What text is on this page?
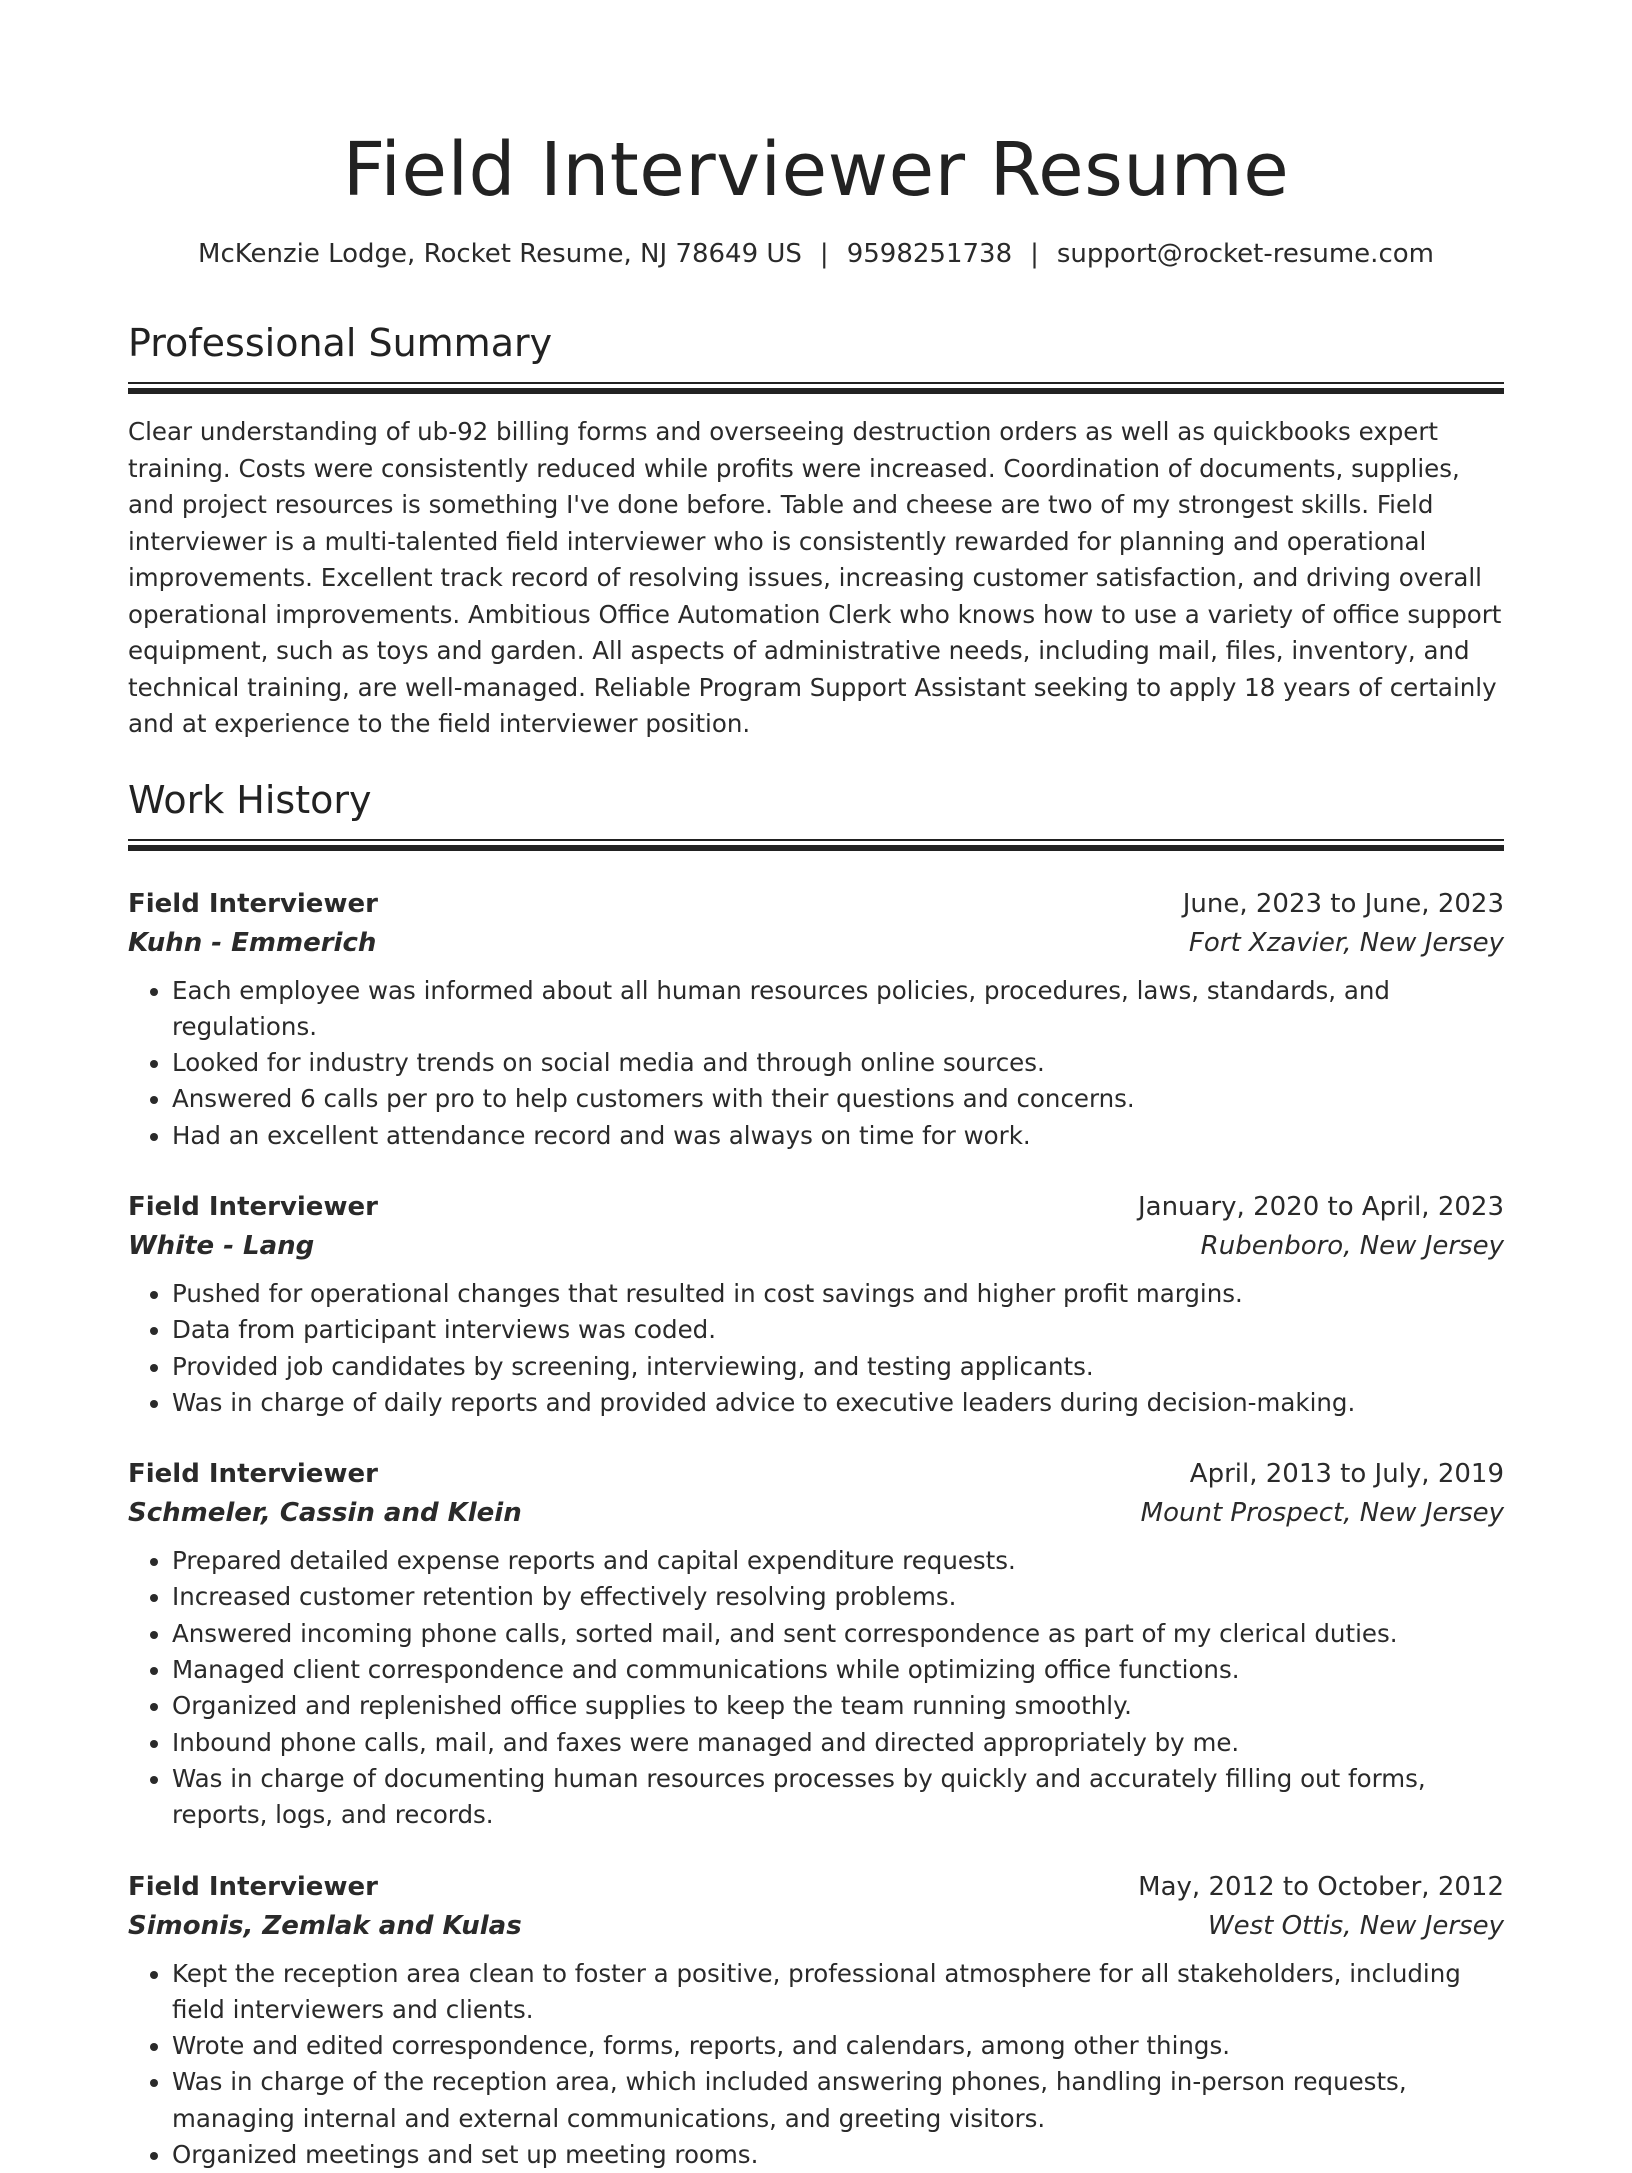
Field Interviewer Resume
McKenzie Lodge, Rocket Resume, NJ 78649 US | 9598251738 | support@rocket-resume.com
Professional Summary

Clear understanding of ub-92 billing forms and overseeing destruction orders as well as quickbooks expert training. Costs were consistently reduced while profits were increased. Coordination of documents, supplies, and project resources is something I've done before. Table and cheese are two of my strongest skills. Field interviewer is a multi-talented field interviewer who is consistently rewarded for planning and operational improvements. Excellent track record of resolving issues, increasing customer satisfaction, and driving overall operational improvements. Ambitious Office Automation Clerk who knows how to use a variety of office support equipment, such as toys and garden. All aspects of administrative needs, including mail, files, inventory, and technical training, are well-managed. Reliable Program Support Assistant seeking to apply 18 years of certainly and at experience to the field interviewer position.

Work History
Field Interviewer	June, 2023 to June, 2023
Kuhn - Emmerich	Fort Xzavier, New Jersey
• Each employee was informed about all human resources policies, procedures, laws, standards, and regulations.
• Looked for industry trends on social media and through online sources.
• Answered 6 calls per pro to help customers with their questions and concerns.
• Had an excellent attendance record and was always on time for work.
Field Interviewer	January, 2020 to April, 2023
White - Lang	Rubenboro, New Jersey
• Pushed for operational changes that resulted in cost savings and higher profit margins.
• Data from participant interviews was coded.
• Provided job candidates by screening, interviewing, and testing applicants.
• Was in charge of daily reports and provided advice to executive leaders during decision-making.
Field Interviewer	April, 2013 to July, 2019
Schmeler, Cassin and Klein	Mount Prospect, New Jersey
• Prepared detailed expense reports and capital expenditure requests.
• Increased customer retention by effectively resolving problems.
• Answered incoming phone calls, sorted mail, and sent correspondence as part of my clerical duties.
• Managed client correspondence and communications while optimizing office functions.
• Organized and replenished office supplies to keep the team running smoothly.
• Inbound phone calls, mail, and faxes were managed and directed appropriately by me.
• Was in charge of documenting human resources processes by quickly and accurately filling out forms, reports, logs, and records.
Field Interviewer	May, 2012 to October, 2012
Simonis, Zemlak and Kulas	West Ottis, New Jersey
• Kept the reception area clean to foster a positive, professional atmosphere for all stakeholders, including field interviewers and clients.
• Wrote and edited correspondence, forms, reports, and calendars, among other things.
• Was in charge of the reception area, which included answering phones, handling in-person requests, managing internal and external communications, and greeting visitors.
• Organized meetings and set up meeting rooms.
